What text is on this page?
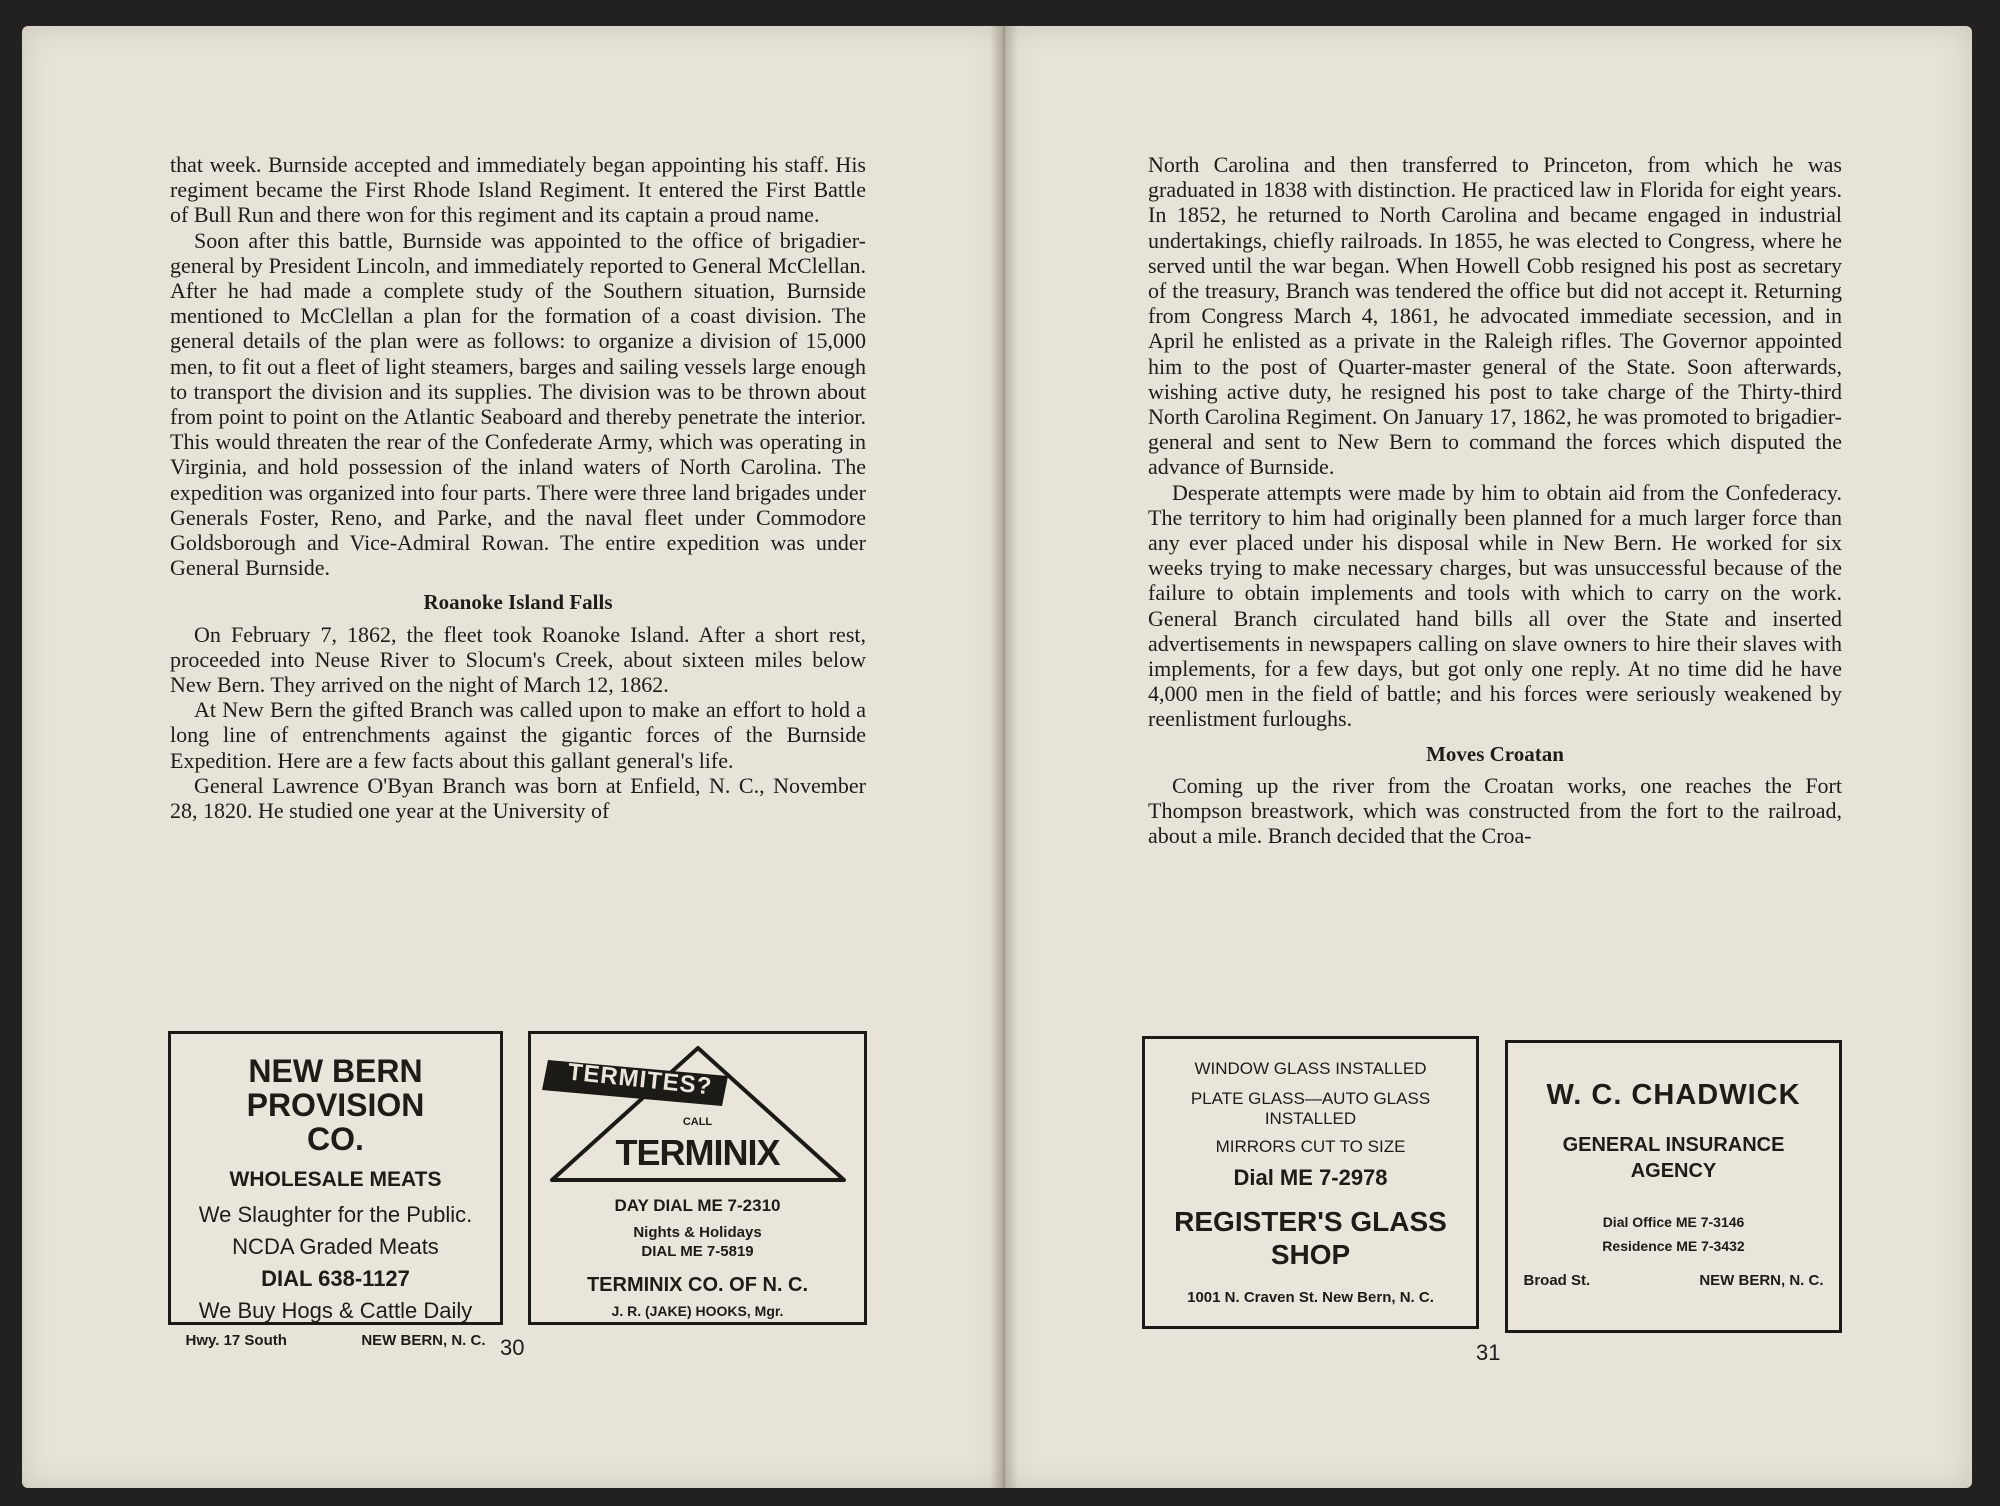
that week. Burnside accepted and immediately began appointing his staff. His regiment became the First Rhode Island Regiment. It entered the First Battle of Bull Run and there won for this regiment and its captain a proud name.

Soon after this battle, Burnside was appointed to the office of brigadier-general by President Lincoln, and immediately reported to General McClellan. After he had made a complete study of the Southern situation, Burnside mentioned to McClellan a plan for the formation of a coast division. The general details of the plan were as follows: to organize a division of 15,000 men, to fit out a fleet of light steamers, barges and sailing vessels large enough to transport the division and its supplies. The division was to be thrown about from point to point on the Atlantic Seaboard and thereby penetrate the interior. This would threaten the rear of the Confederate Army, which was operating in Virginia, and hold possession of the inland waters of North Carolina. The expedition was organized into four parts. There were three land brigades under Generals Foster, Reno, and Parke, and the naval fleet under Commodore Goldsborough and Vice-Admiral Rowan. The entire expedition was under General Burnside.

Roanoke Island Falls

On February 7, 1862, the fleet took Roanoke Island. After a short rest, proceeded into Neuse River to Slocum's Creek, about sixteen miles below New Bern. They arrived on the night of March 12, 1862.

At New Bern the gifted Branch was called upon to make an effort to hold a long line of entrenchments against the gigantic forces of the Burnside Expedition. Here are a few facts about this gallant general's life.

General Lawrence O'Byan Branch was born at Enfield, N. C., November 28, 1820. He studied one year at the University of

North Carolina and then transferred to Princeton, from which he was graduated in 1838 with distinction. He practiced law in Florida for eight years. In 1852, he returned to North Carolina and became engaged in industrial undertakings, chiefly railroads. In 1855, he was elected to Congress, where he served until the war began. When Howell Cobb resigned his post as secretary of the treasury, Branch was tendered the office but did not accept it. Returning from Congress March 4, 1861, he advocated immediate secession, and in April he enlisted as a private in the Raleigh rifles. The Governor appointed him to the post of Quarter-master general of the State. Soon afterwards, wishing active duty, he resigned his post to take charge of the Thirty-third North Carolina Regiment. On January 17, 1862, he was promoted to brigadier-general and sent to New Bern to command the forces which disputed the advance of Burnside.

Desperate attempts were made by him to obtain aid from the Confederacy. The territory to him had originally been planned for a much larger force than any ever placed under his disposal while in New Bern. He worked for six weeks trying to make necessary charges, but was unsuccessful because of the failure to obtain implements and tools with which to carry on the work. General Branch circulated hand bills all over the State and inserted advertisements in newspapers calling on slave owners to hire their slaves with implements, for a few days, but got only one reply. At no time did he have 4,000 men in the field of battle; and his forces were seriously weakened by reenlistment furloughs.

Moves Croatan

Coming up the river from the Croatan works, one reaches the Fort Thompson breastwork, which was constructed from the fort to the railroad, about a mile. Branch decided that the Croa-

NEW BERN PROVISION CO.
WHOLESALE MEATS
We Slaughter for the Public.
NCDA Graded Meats
DIAL 638-1127
We Buy Hogs & Cattle Daily
Hwy. 17 South	NEW BERN, N. C.
TERMITES?
CALL
TERMINIX
DAY DIAL ME 7-2310
Nights & Holidays
DIAL ME 7-5819
TERMINIX CO. OF N. C.
J. R. (JAKE) HOOKS, Mgr.
WINDOW GLASS INSTALLED
PLATE GLASS—AUTO GLASS INSTALLED
MIRRORS CUT TO SIZE
Dial ME 7-2978
REGISTER'S GLASS SHOP
1001 N. Craven St. New Bern, N. C.
W. C. CHADWICK
GENERAL INSURANCE AGENCY
Dial Office ME 7-3146
Residence ME 7-3432
Broad St.	NEW BERN, N. C.
30	31
